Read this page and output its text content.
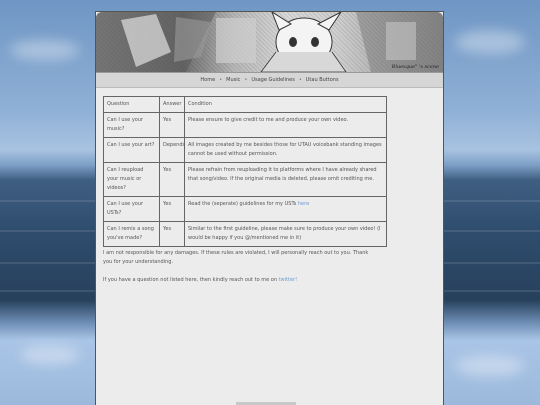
Bluesque" 's scene
Home • Music • Usage Guidelines • Utau Buttons
Question	Answer	Condition
Can I use your music?	Yes	Please ensure to give credit to me and produce your own video.
Can I use your art?	Depends	All images created by me besides those for UTAU voicebank standing images cannot be used without permission.
Can I reupload your music or videos?	Yes	Please refrain from reuploading it to platforms where I have already shared that song/video. If the original media is deleted, please omit crediting me.
Can I use your USTs?	Yes	Read the (seperate) guidelines for my USTs here
Can I remix a song you've made?	Yes	Similar to the first guideline, please make sure to produce your own video! (I would be happy if you @/mentioned me in it)

I am not responsible for any damages. If these rules are violated, I will personally reach out to you. Thank you for your understanding.

If you have a question not listed here, then kindly reach out to me on twitter!
